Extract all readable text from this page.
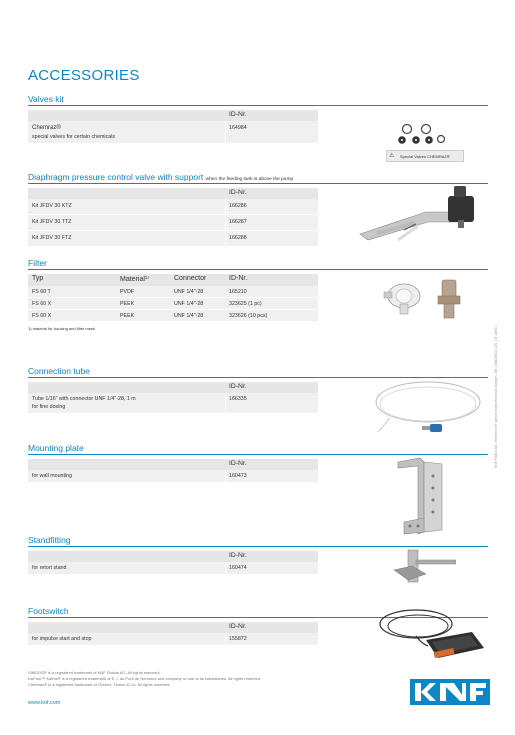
ACCESSORIES
Valves kit
ID-Nr.
Chemraz®
special valves for certain chemicals
164984
⚠ Special Valves CHEMRAZ®
Diaphragm pressure control valve with support when the feeding tank is above the pump
ID-Nr.
Kit JFDV 30 KTZ	166286
Kit JFDV 30 TTZ	166287
Kit JFDV 30 FTZ	166288
Filter
Typ	Material¹⁾	Connector	ID-Nr.
FS 60 T	PVDF	UNF 1/4"-28	165210
FS 60 X	PEEK	UNF 1/4"-28	323625 (1 pc)
FS 60 X	PEEK	UNF 1/4"-28	323626 (10 pcs)
1) material for housing and filter mesh
Connection tube
ID-Nr.
Tube 1/16" with connector UNF 1/4"-28, 1 m
for fine dosing
166335
Mounting plate
ID-Nr.
for wall mounting	160473
Standfitting
ID-Nr.
for retort stand	160474
Footswitch
ID-Nr.
for impulse start and stop	155872
SIMDOS® is a registered trademark of KNF Flodos AG. All rights reserved.
DuPont™ Kalrez® is a registered trademark of E. I. du Pont de Nemours and company or one of its subsidiaries. All rights reserved.
Chemraz® is a registered trademark of Greene, Tweed & Co. All rights reserved.
www.knf.com
KNF Flodos AG, reserves the right to make technical changes. GB_SIMDOS02_DS_04_18KT1
